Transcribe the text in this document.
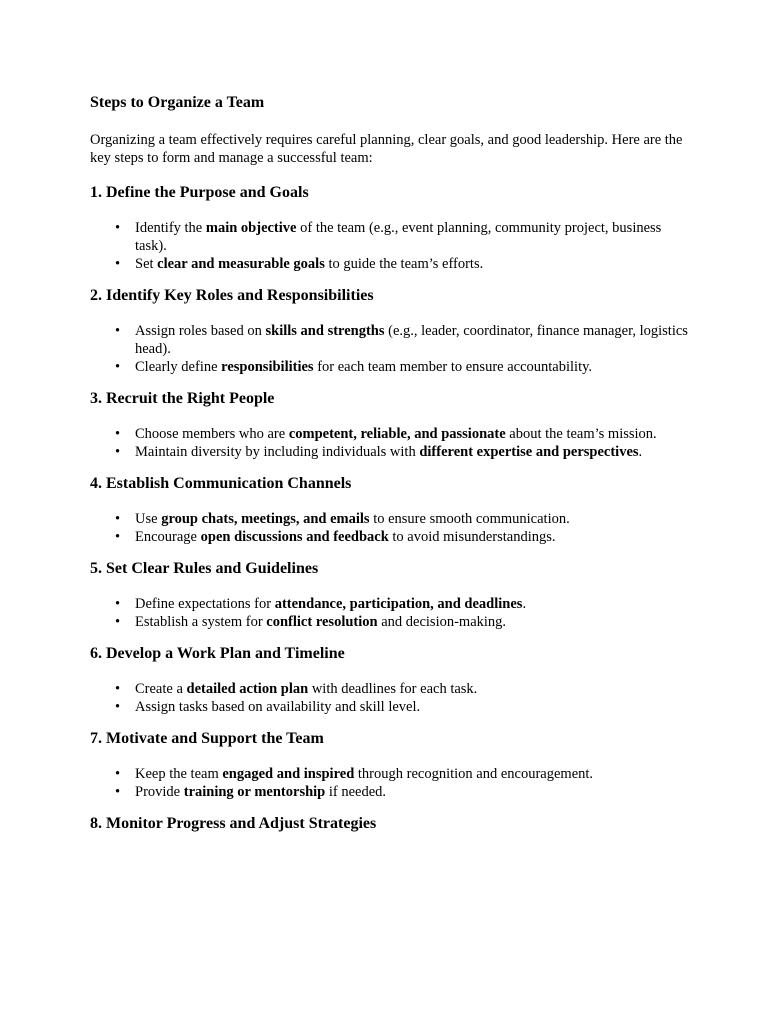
Steps to Organize a Team

Organizing a team effectively requires careful planning, clear goals, and good leadership. Here are the key steps to form and manage a successful team:

1. Define the Purpose and Goals
• Identify the main objective of the team (e.g., event planning, community project, business task).
• Set clear and measurable goals to guide the team’s efforts.
2. Identify Key Roles and Responsibilities
• Assign roles based on skills and strengths (e.g., leader, coordinator, finance manager, logistics head).
• Clearly define responsibilities for each team member to ensure accountability.
3. Recruit the Right People
• Choose members who are competent, reliable, and passionate about the team’s mission.
• Maintain diversity by including individuals with different expertise and perspectives.
4. Establish Communication Channels
• Use group chats, meetings, and emails to ensure smooth communication.
• Encourage open discussions and feedback to avoid misunderstandings.
5. Set Clear Rules and Guidelines
• Define expectations for attendance, participation, and deadlines.
• Establish a system for conflict resolution and decision-making.
6. Develop a Work Plan and Timeline
• Create a detailed action plan with deadlines for each task.
• Assign tasks based on availability and skill level.
7. Motivate and Support the Team
• Keep the team engaged and inspired through recognition and encouragement.
• Provide training or mentorship if needed.
8. Monitor Progress and Adjust Strategies
